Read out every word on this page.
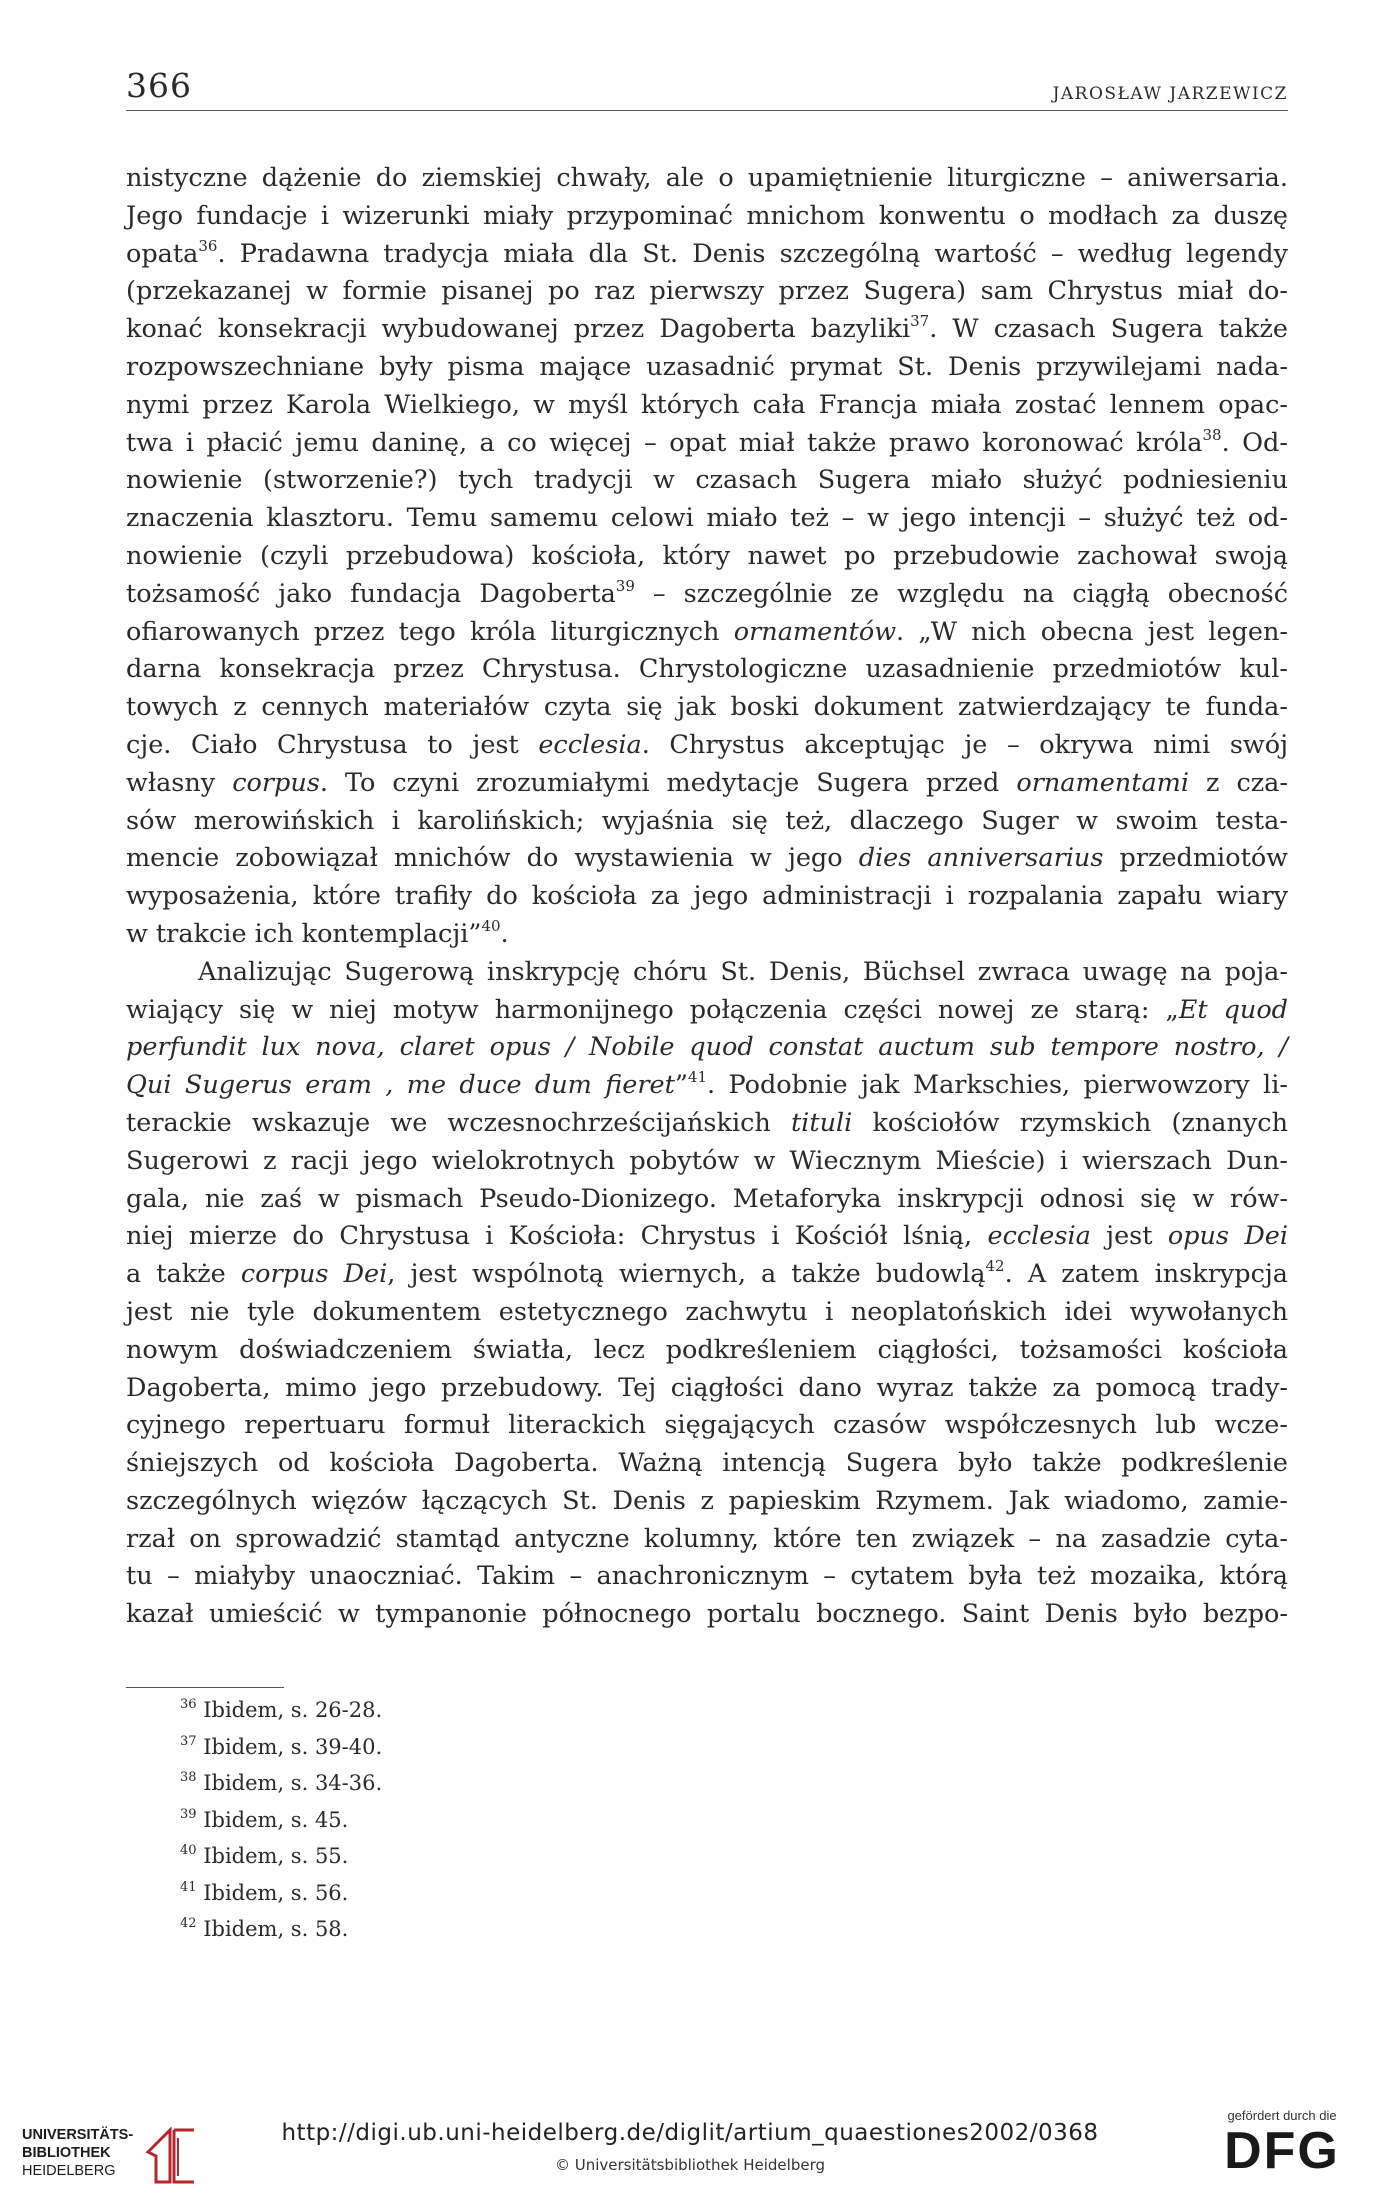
366	JAROSŁAW JARZEWICZ
nistyczne dążenie do ziemskiej chwały, ale o upamiętnienie liturgiczne – aniwersaria.
Jego fundacje i wizerunki miały przypominać mnichom konwentu o modłach za duszę
opata$^{36}$. Pradawna tradycja miała dla St. Denis szczególną wartość – według legendy
(przekazanej w formie pisanej po raz pierwszy przez Sugera) sam Chrystus miał do-
konać konsekracji wybudowanej przez Dagoberta bazyliki$^{37}$. W czasach Sugera także
rozpowszechniane były pisma mające uzasadnić prymat St. Denis przywilejami nada-
nymi przez Karola Wielkiego, w myśl których cała Francja miała zostać lennem opac-
twa i płacić jemu daninę, a co więcej – opat miał także prawo koronować króla$^{38}$. Od-
nowienie (stworzenie?) tych tradycji w czasach Sugera miało służyć podniesieniu
znaczenia klasztoru. Temu samemu celowi miało też – w jego intencji – służyć też od-
nowienie (czyli przebudowa) kościoła, który nawet po przebudowie zachował swoją
tożsamość jako fundacja Dagoberta$^{39}$ – szczególnie ze względu na ciągłą obecność
ofiarowanych przez tego króla liturgicznych ornamentów. „W nich obecna jest legen-
darna konsekracja przez Chrystusa. Chrystologiczne uzasadnienie przedmiotów kul-
towych z cennych materiałów czyta się jak boski dokument zatwierdzający te funda-
cje. Ciało Chrystusa to jest ecclesia. Chrystus akceptując je – okrywa nimi swój
własny corpus. To czyni zrozumiałymi medytacje Sugera przed ornamentami z cza-
sów merowińskich i karolińskich; wyjaśnia się też, dlaczego Suger w swoim testa-
mencie zobowiązał mnichów do wystawienia w jego dies anniversarius przedmiotów
wyposażenia, które trafiły do kościoła za jego administracji i rozpalania zapału wiary
w trakcie ich kontemplacji”$^{40}$.
Analizując Sugerową inskrypcję chóru St. Denis, Büchsel zwraca uwagę na poja-
wiający się w niej motyw harmonijnego połączenia części nowej ze starą: „Et quod
perfundit lux nova, claret opus / Nobile quod constat auctum sub tempore nostro, /
Qui Sugerus eram , me duce dum fieret”$^{41}$. Podobnie jak Markschies, pierwowzory li-
terackie wskazuje we wczesnochrześcijańskich tituli kościołów rzymskich (znanych
Sugerowi z racji jego wielokrotnych pobytów w Wiecznym Mieście) i wierszach Dun-
gala, nie zaś w pismach Pseudo-Dionizego. Metaforyka inskrypcji odnosi się w rów-
niej mierze do Chrystusa i Kościoła: Chrystus i Kościół lśnią, ecclesia jest opus Dei
a także corpus Dei, jest wspólnotą wiernych, a także budowlą$^{42}$. A zatem inskrypcja
jest nie tyle dokumentem estetycznego zachwytu i neoplatońskich idei wywołanych
nowym doświadczeniem światła, lecz podkreśleniem ciągłości, tożsamości kościoła
Dagoberta, mimo jego przebudowy. Tej ciągłości dano wyraz także za pomocą trady-
cyjnego repertuaru formuł literackich sięgających czasów współczesnych lub wcze-
śniejszych od kościoła Dagoberta. Ważną intencją Sugera było także podkreślenie
szczególnych więzów łączących St. Denis z papieskim Rzymem. Jak wiadomo, zamie-
rzał on sprowadzić stamtąd antyczne kolumny, które ten związek – na zasadzie cyta-
tu – miałyby unaoczniać. Takim – anachronicznym – cytatem była też mozaika, którą
kazał umieścić w tympanonie północnego portalu bocznego. Saint Denis było bezpo-
$^{36}$ Ibidem, s. 26-28.
$^{37}$ Ibidem, s. 39-40.
$^{38}$ Ibidem, s. 34-36.
$^{39}$ Ibidem, s. 45.
$^{40}$ Ibidem, s. 55.
$^{41}$ Ibidem, s. 56.
$^{42}$ Ibidem, s. 58.
UNIVERSITÄTS-
BIBLIOTHEK
HEIDELBERG
http://digi.ub.uni-heidelberg.de/diglit/artium_quaestiones2002/0368
© Universitätsbibliothek Heidelberg
gefördert durch die
DFG
